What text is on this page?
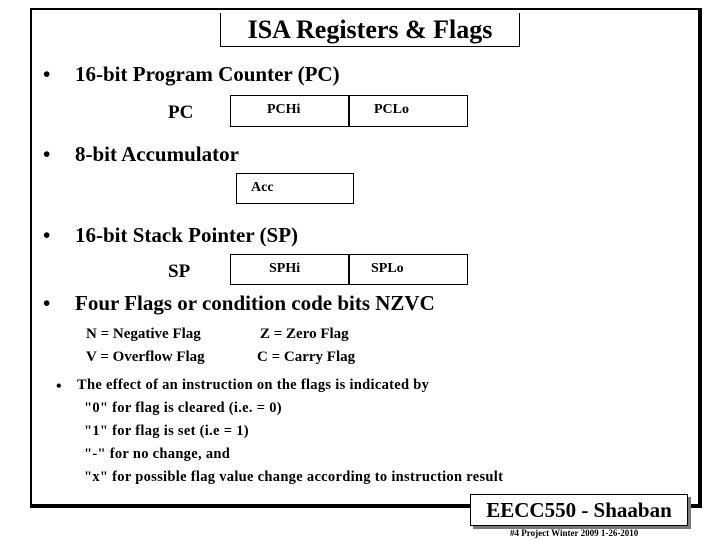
ISA Registers & Flags
• 16-bit Program Counter (PC)
PC	PCHi	PCLo
• 8-bit Accumulator
Acc
• 16-bit Stack Pointer (SP)
SP	SPHi	SPLo
• Four Flags or condition code bits NZVC
N = Negative Flag	Z = Zero Flag
V = Overflow Flag	C = Carry Flag
• The effect of an instruction on the flags is indicated by
"0" for flag is cleared (i.e. = 0)
"1" for flag is set (i.e = 1)
"-" for no change, and
"x" for possible flag value change according to instruction result
EECC550 - Shaaban
#4 Project Winter 2009 1-26-2010
